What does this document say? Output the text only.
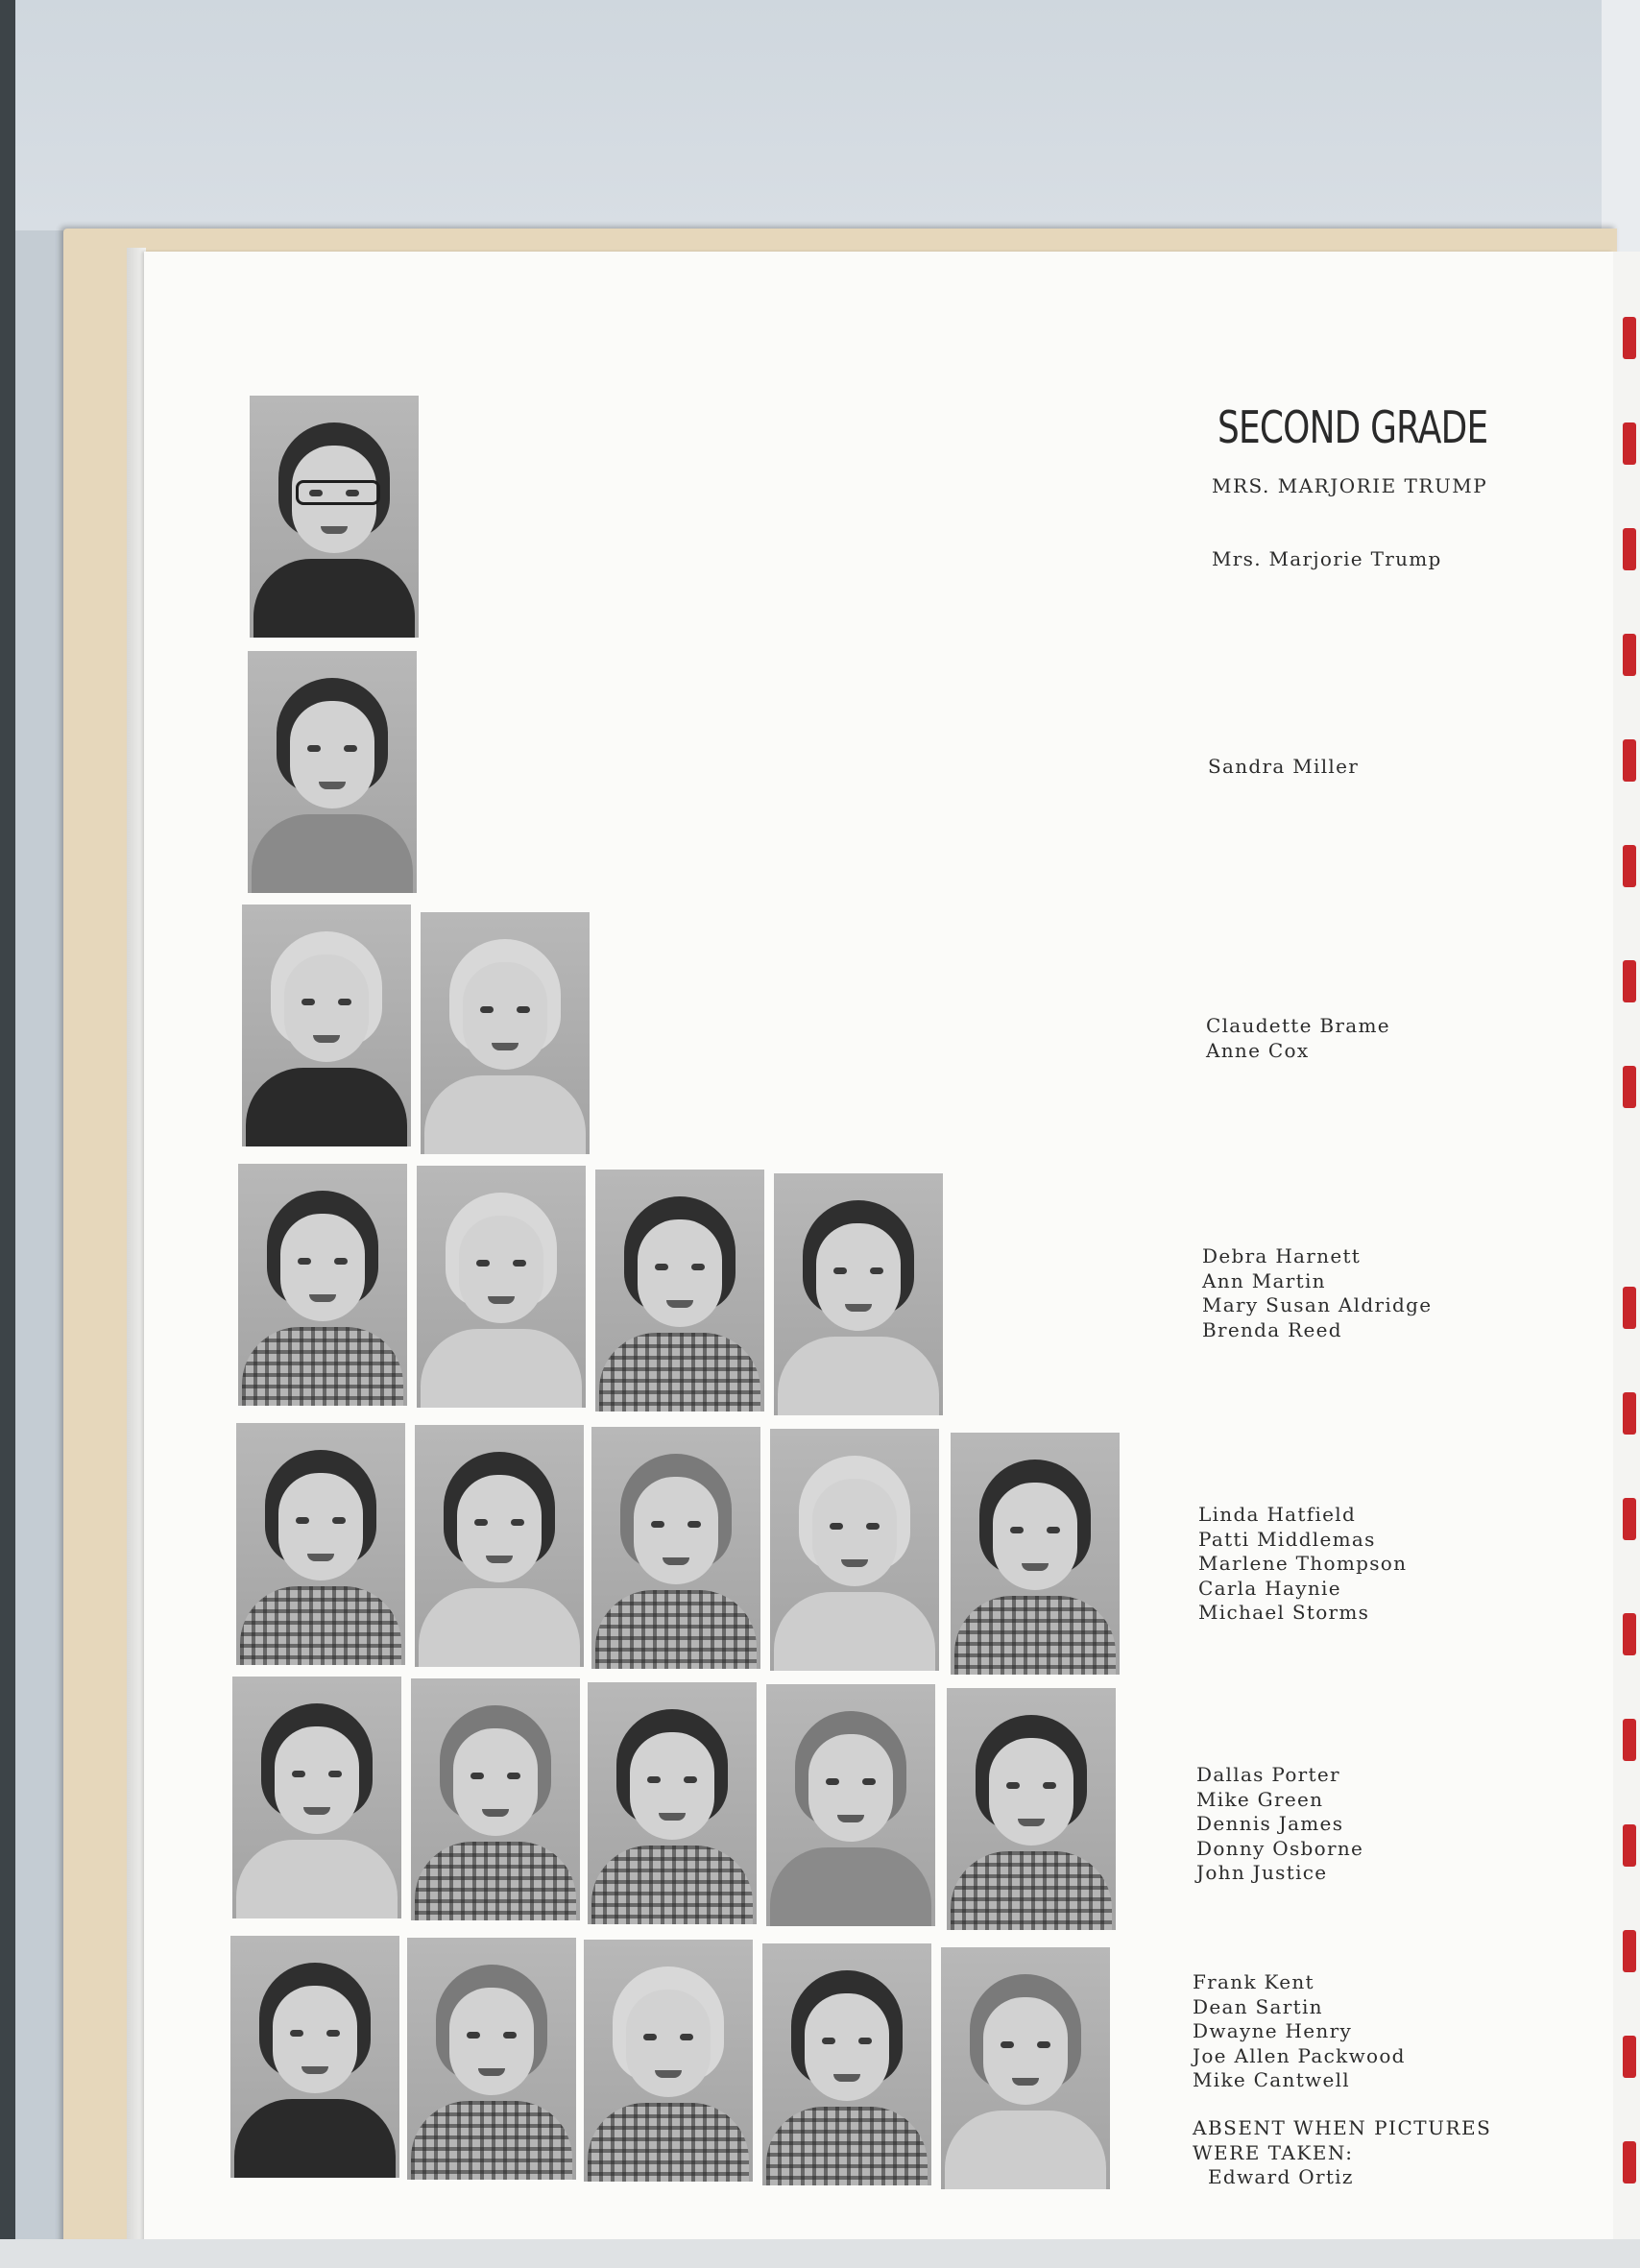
SECOND GRADE
MRS. MARJORIE TRUMP
Mrs. Marjorie Trump
Sandra Miller
Claudette Brame
Anne Cox
Debra Harnett
Ann Martin
Mary Susan Aldridge
Brenda Reed
Linda Hatfield
Patti Middlemas
Marlene Thompson
Carla Haynie
Michael Storms
Dallas Porter
Mike Green
Dennis James
Donny Osborne
John Justice
Frank Kent
Dean Sartin
Dwayne Henry
Joe Allen Packwood
Mike Cantwell
ABSENT WHEN PICTURES
WERE TAKEN:
Edward Ortiz
